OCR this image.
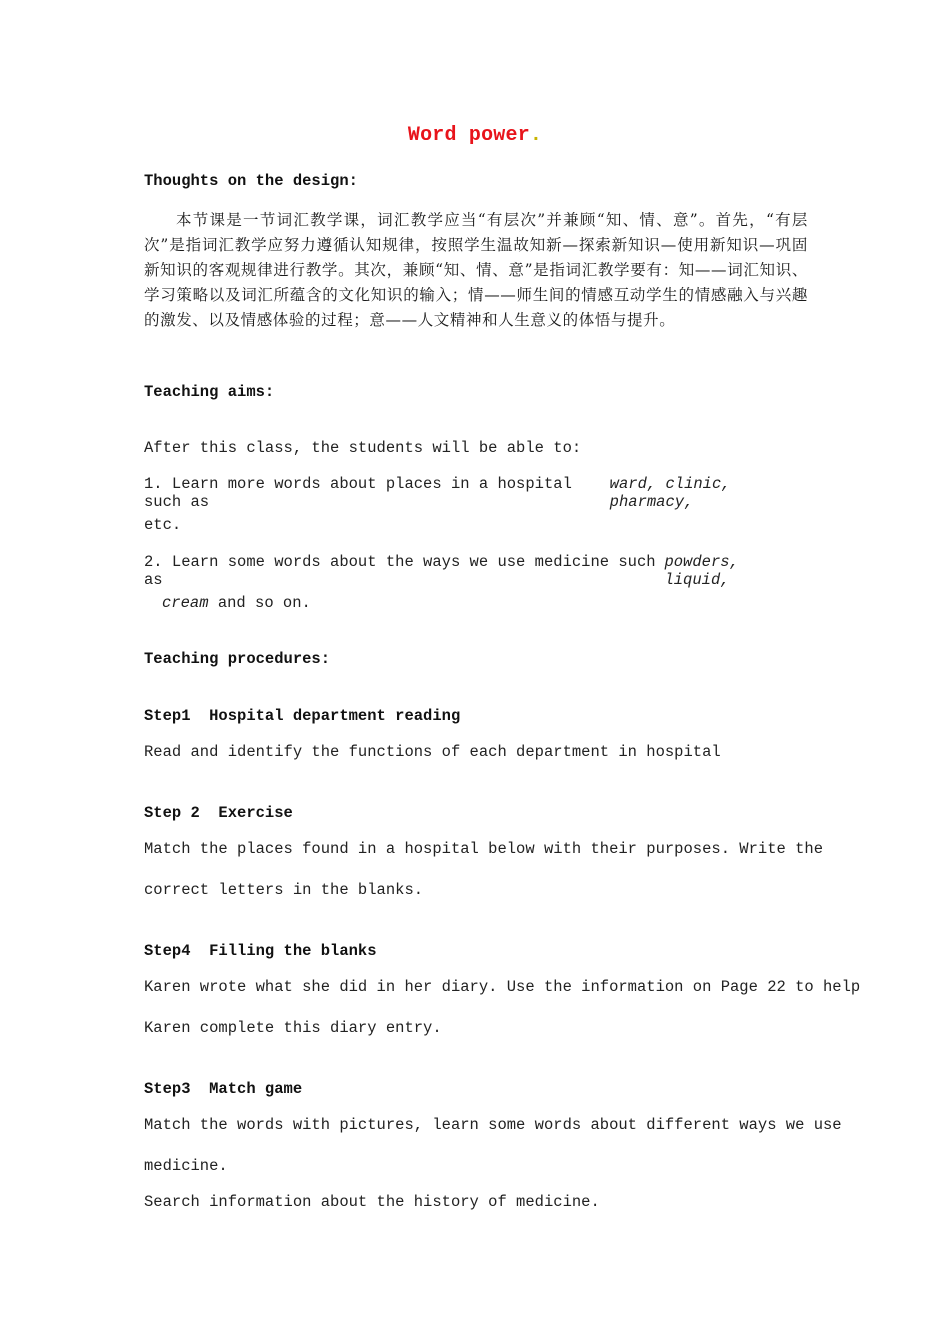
Word power.
Thoughts on the design:
本节课是一节词汇教学课，词汇教学应当“有层次”并兼顾“知、情、意”。首先，“有层次”是指词汇教学应努力遵循认知规律，按照学生温故知新—探索新知识—使用新知识—巩固新知识的客观规律进行教学。其次，兼顾“知、情、意”是指词汇教学要有：知——词汇知识、学习策略以及词汇所蕴含的文化知识的输入；情——师生间的情感互动学生的情感融入与兴趣的激发、以及情感体验的过程；意——人文精神和人生意义的体悟与提升。
Teaching aims:
After this class, the students will be able to:
1. Learn more words about places in a hospital such as
ward, clinic, pharmacy,
etc.
2. Learn some words about the ways we use medicine such as
powders, liquid,
cream and so on.
Teaching procedures:
Step1  Hospital department reading
Read and identify the functions of each department in hospital
Step 2  Exercise
Match the places found in a hospital below with their purposes. Write the
correct letters in the blanks.
Step4  Filling the blanks
Karen wrote what she did in her diary. Use the information on Page 22 to help
Karen complete this diary entry.
Step3  Match game
Match the words with pictures, learn some words about different ways we use
medicine.
Search information about the history of medicine.
